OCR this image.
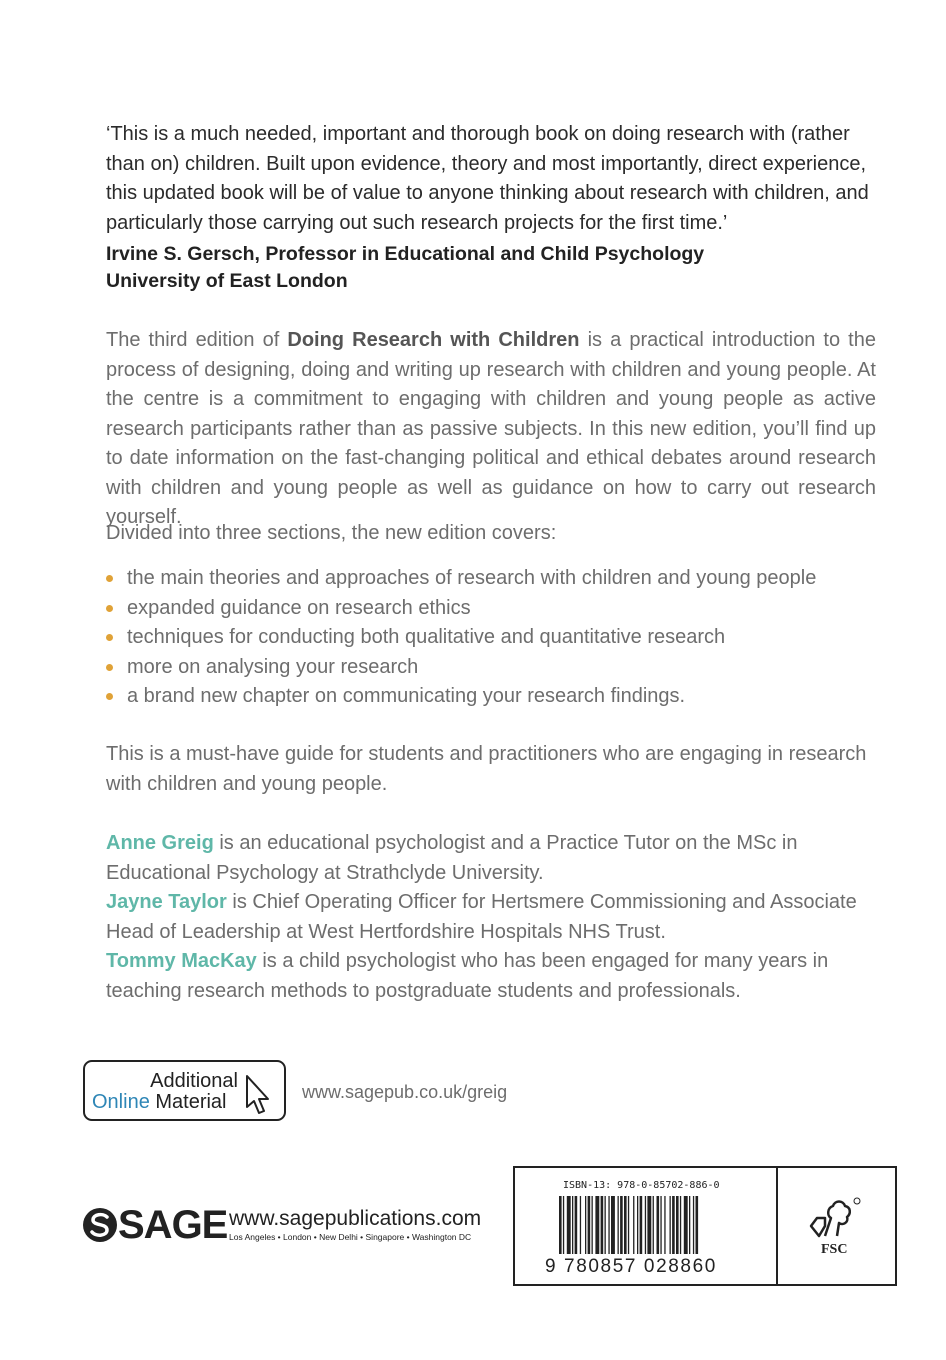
‘This is a much needed, important and thorough book on doing research with (rather than on) children. Built upon evidence, theory and most importantly, direct experience, this updated book will be of value to anyone thinking about research with children, and particularly those carrying out such research projects for the first time.’
Irvine S. Gersch, Professor in Educational and Child Psychology
University of East London
The third edition of Doing Research with Children is a practical introduction to the process of designing, doing and writing up research with children and young people. At the centre is a commitment to engaging with children and young people as active research participants rather than as passive subjects. In this new edition, you’ll find up to date information on the fast-changing political and ethical debates around research with children and young people as well as guidance on how to carry out research yourself.
Divided into three sections, the new edition covers:
the main theories and approaches of research with children and young people
expanded guidance on research ethics
techniques for conducting both qualitative and quantitative research
more on analysing your research
a brand new chapter on communicating your research findings.
This is a must-have guide for students and practitioners who are engaging in research with children and young people.
Anne Greig is an educational psychologist and a Practice Tutor on the MSc in Educational Psychology at Strathclyde University.
Jayne Taylor is Chief Operating Officer for Hertsmere Commissioning and Associate Head of Leadership at West Hertfordshire Hospitals NHS Trust.
Tommy MacKay is a child psychologist who has been engaged for many years in teaching research methods to postgraduate students and professionals.
Additional
Online Material	www.sagepub.co.uk/greig
SAGE www.sagepublications.com
Los Angeles • London • New Delhi • Singapore • Washington DC
ISBN-13: 978-0-85702-886-0
9 780857 028860
FSC
